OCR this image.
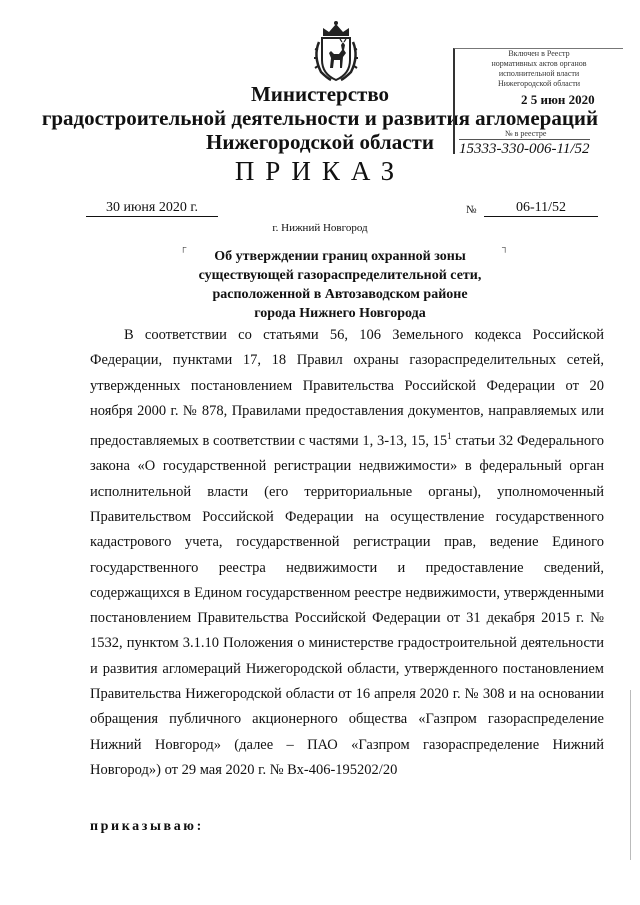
Министерство
градостроительной деятельности и развития агломераций
Нижегородской области
Включен в Реестр
нормативных актов органов
исполнительной власти
Нижегородской области
2 5 июн 2020
№ в реестре
15333-330-006-11/52
ПРИКАЗ
30 июня 2020 г.	№	06-11/52
г. Нижний Новгород
┌	┐
Об утверждении границ охранной зоны
существующей газораспределительной сети,
расположенной в Автозаводском районе
города Нижнего Новгорода

В соответствии со статьями 56, 106 Земельного кодекса Российской Федерации, пунктами 17, 18 Правил охраны газораспределительных сетей, утвержденных постановлением Правительства Российской Федерации от 20 ноября 2000 г. № 878, Правилами предоставления документов, направляемых или предоставляемых в соответствии с частями 1, 3-13, 15, $15^1$ статьи 32 Федерального закона «О государственной регистрации недвижимости» в федеральный орган исполнительной власти (его территориальные органы), уполномоченный Правительством Российской Федерации на осуществление государственного кадастрового учета, государственной регистрации прав, ведение Единого государственного реестра недвижимости и предоставление сведений, содержащихся в Едином государственном реестре недвижимости, утвержденными постановлением Правительства Российской Федерации от 31 декабря 2015 г. № 1532, пунктом 3.1.10 Положения о министерстве градостроительной деятельности и развития агломераций Нижегородской области, утвержденного постановлением Правительства Нижегородской области от 16 апреля 2020 г. № 308 и на основании обращения публичного акционерного общества «Газпром газораспределение Нижний Новгород» (далее – ПАО «Газпром газораспределение Нижний Новгород») от 29 мая 2020 г. № Вх-406-195202/20

приказываю:
